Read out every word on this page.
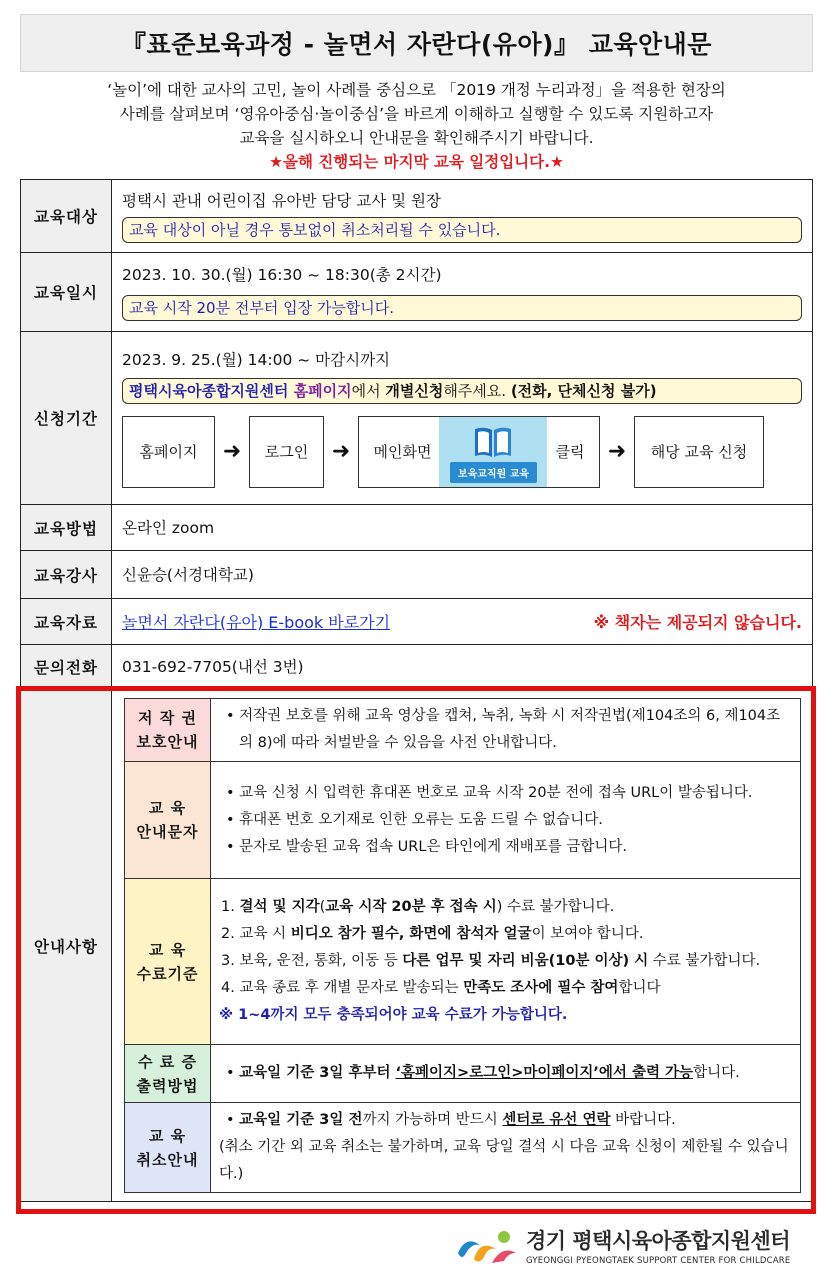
『표준보육과정 - 놀면서 자란다(유아)』 교육안내문
‘놀이’에 대한 교사의 고민, 놀이 사례를 중심으로 「2019 개정 누리과정」을 적용한 현장의
사례를 살펴보며 ‘영유아중심·놀이중심’을 바르게 이해하고 실행할 수 있도록 지원하고자
교육을 실시하오니 안내문을 확인해주시기 바랍니다.
★올해 진행되는 마지막 교육 일정입니다.★
교육대상	
평택시 관내 어린이집 유아반 담당 교사 및 원장
교육 대상이 아닐 경우 통보없이 취소처리될 수 있습니다.

교육일시	
2023. 10. 30.(월) 16:30 ~ 18:30(총 2시간)
교육 시작 20분 전부터 입장 가능합니다.

신청기간	
2023. 9. 25.(월) 14:00 ~ 마감시까지
평택시육아종합지원센터 홈페이지에서 개별신청해주세요. (전화, 단체신청 불가)
홈페이지	➜	로그인	➜	메인화면
보육교직원 교육
클릭	➜	해당 교육 신청

교육방법	온라인 zoom
교육강사	신윤승(서경대학교)
교육자료	놀면서 자란다(유아) E-book 바로가기	※ 책자는 제공되지 않습니다.

문의전화	031-692-7705(내선 3번)
안내사항	
저 작 권
보호안내

• 저작권 보호를 위해 교육 영상을 캡쳐, 녹취, 녹화 시 저작권법(제104조의 6, 제104조의 8)에 따라 처벌받을 수 있음을 사전 안내합니다.

교 육
안내문자

• 교육 신청 시 입력한 휴대폰 번호로 교육 시작 20분 전에 접속 URL이 발송됩니다.
• 휴대폰 번호 오기재로 인한 오류는 도움 드릴 수 없습니다.
• 문자로 발송된 교육 접속 URL은 타인에게 재배포를 금합니다.

교 육
수료기준

1. 결석 및 지각(교육 시작 20분 후 접속 시) 수료 불가합니다.
2. 교육 시 비디오 참가 필수, 화면에 참석자 얼굴이 보여야 합니다.
3. 보육, 운전, 통화, 이동 등 다른 업무 및 자리 비움(10분 이상) 시 수료 불가합니다.
4. 교육 종료 후 개별 문자로 발송되는 만족도 조사에 필수 참여합니다
※ 1~4까지 모두 충족되어야 교육 수료가 가능합니다.

수 료 증
출력방법

• 교육일 기준 3일 후부터 ‘홈페이지>로그인>마이페이지’에서 출력 가능합니다.

교 육
취소안내

• 교육일 기준 3일 전까지 가능하며 반드시 센터로 유선 연락 바랍니다.
(취소 기간 외 교육 취소는 불가하며, 교육 당일 결석 시 다음 교육 신청이 제한될 수 있습니다.)
경기 평택시육아종합지원센터
GYEONGGI PYEONGTAEK SUPPORT CENTER FOR CHILDCARE
